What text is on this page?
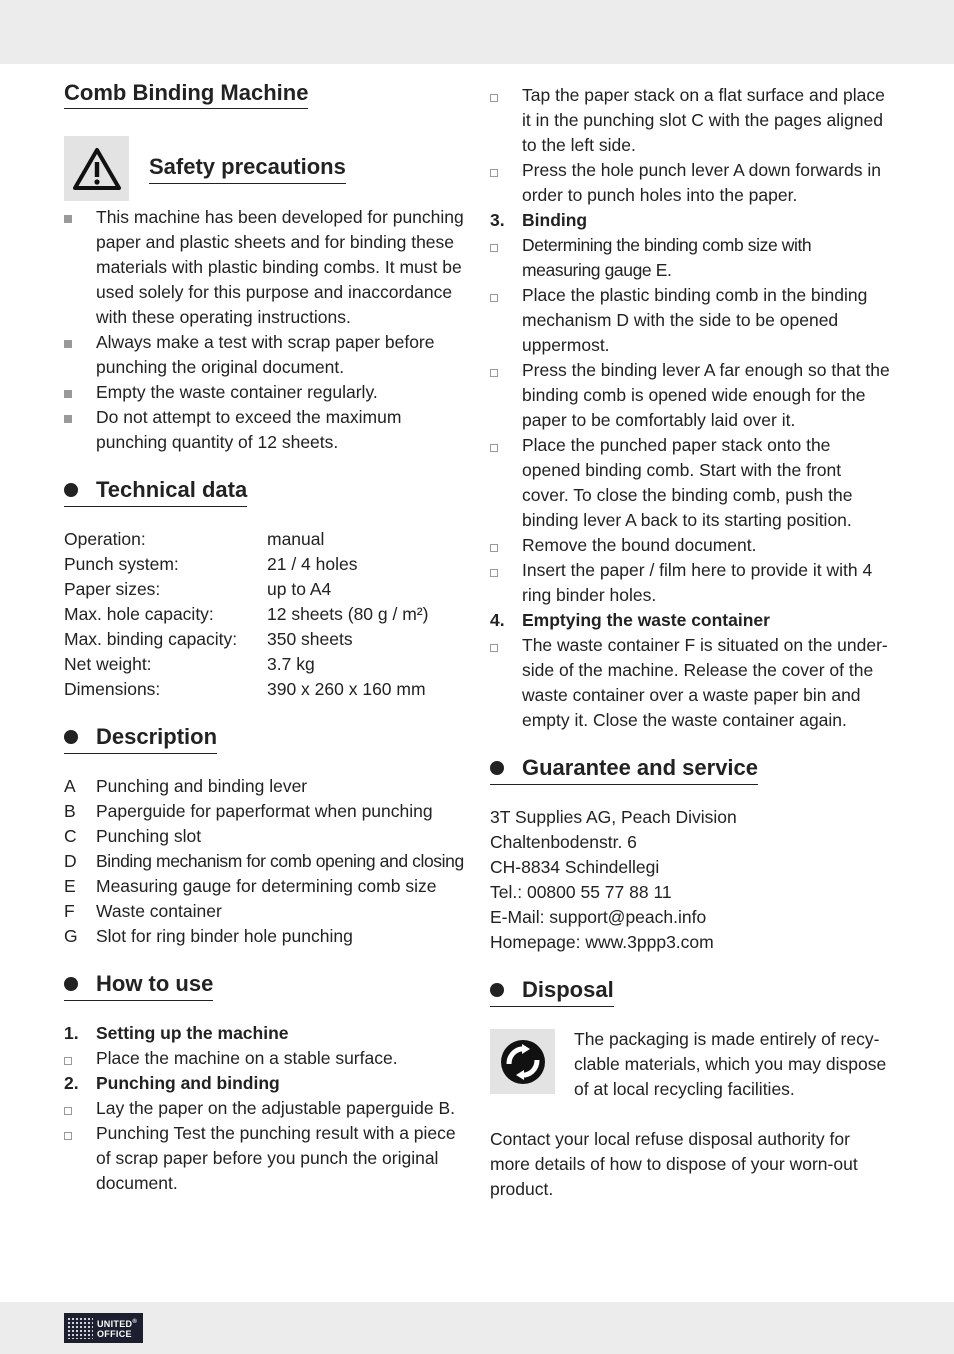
Comb Binding Machine
Safety precautions
This machine has been developed for punching paper and plastic sheets and for binding these materials with plastic binding combs. It must be used solely for this purpose and inaccordance with these operating instructions.
Always make a test with scrap paper before punching the original document.
Empty the waste container regularly.
Do not attempt to exceed the maximum punching quantity of 12 sheets.
Technical data
Operation:	manual
Punch system:	21 / 4 holes
Paper sizes:	up to A4
Max. hole capacity:	12 sheets (80 g / m²)
Max. binding capacity:	350 sheets
Net weight:	3.7 kg
Dimensions:	390 x 260 x 160 mm
Description
A	Punching and binding lever
B	Paperguide for paperformat when punching
C	Punching slot
D	Binding mechanism for comb opening and closing
E	Measuring gauge for determining comb size
F	Waste container
G	Slot for ring binder hole punching
How to use
1. Setting up the machine
Place the machine on a stable surface.
2. Punching and binding
Lay the paper on the adjustable paperguide B.
Punching Test the punching result with a piece of scrap paper before you punch the original document.
Tap the paper stack on a flat surface and place it in the punching slot C with the pages aligned to the left side.
Press the hole punch lever A down forwards in order to punch holes into the paper.
3. Binding
Determining the binding comb size with measuring gauge E.
Place the plastic binding comb in the binding mechanism D with the side to be opened uppermost.
Press the binding lever A far enough so that the binding comb is opened wide enough for the paper to be comfortably laid over it.
Place the punched paper stack onto the opened binding comb. Start with the front cover. To close the binding comb, push the binding lever A back to its starting position.
Remove the bound document.
Insert the paper / film here to provide it with 4 ring binder holes.
4. Emptying the waste container
The waste container F is situated on the under-side of the machine. Release the cover of the waste container over a waste paper bin and empty it. Close the waste container again.
Guarantee and service

3T Supplies AG, Peach Division

Chaltenbodenstr. 6

CH-8834 Schindellegi

Tel.: 00800 55 77 88 11

E-Mail: support@peach.info

Homepage: www.3ppp3.com

Disposal

The packaging is made entirely of recy-clable materials, which you may dispose of at local recycling facilities.

Contact your local refuse disposal authority for more details of how to dispose of your worn-out product.

UNITED®
OFFICE
